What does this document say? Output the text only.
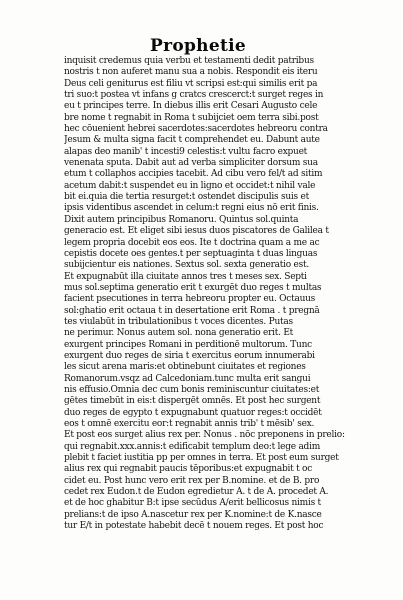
Prophetie
inquisit credemus quia verbu et testamenti dedit patribus
nostris t non auferet manu sua a nobis. Respondit eis iteru
Deus celi geniturus est filiu vt scripsi est:qui similis erit pa
tri suo:t postea vt infans g cratcs crescerct:t surget reges in
eu t principes terre. In diebus illis erit Cesari Augusto cele
bre nome t regnabit in Roma t subijciet oem terra sibi.post
hec cōuenient hebrei sacerdotes:sacerdotes hebreoru contra
Jesum & multa signa facit t comprehendet eu. Dabunt aute
alapas deo manib' t incesti9 celestis:t vultu facro expuet
venenata sputa. Dabit aut ad verba simpliciter dorsum sua
etum t collaphos accipies tacebit. Ad cibu vero fel/t ad sitim
acetum dabit:t suspendet eu in ligno et occidet:t nihil vale
bit ei.quia die tertia resurget:t ostendet discipulis suis et
ipsis videntibus ascendet in celum:t regni eius nō erit finis.
Dixit autem principibus Romanoru. Quintus sol.quinta
generacio est. Et eliget sibi iesus duos piscatores de Galilea t
legem propria docebit eos eos. Ite t doctrina quam a me ac
cepistis docete oes gentes.t per septuaginta t duas linguas
subijcientur eis nationes. Sextus sol. sexta generatio est.
Et expugnabūt illa ciuitate annos tres t meses sex. Septi
mus sol.septima generatio erit t exurgēt duo reges t multas
facient psecutiones in terra hebreoru propter eu. Octauus
sol:ghatio erit octaua t in desertatione erit Roma . t pregnā
tes viulabūt in tribulationibus t voces dicentes. Putas
ne perimur. Nonus autem sol. nona generatio erit. Et
exurgent principes Romani in perditionē multorum. Tunc
exurgent duo reges de siria t exercitus eorum innumerabi
les sicut arena maris:et obtinebunt ciuitates et regiones
Romanorum.vsqz ad Calcedoniam.tunc multa erit sangui
nis effusio.Omnia dec cum bonis reminiscuntur ciuitates:et
gētes timebūt in eis:t dispergēt omnēs. Et post hec surgent
duo reges de egypto t expugnabunt quatuor reges:t occidēt
eos t omnē exercitu eor:t regnabit annis trib' t mēsib' sex.
Et post eos surget alius rex per. Nonus . nōc preponens in prelio:
qui regnabit.xxx.annis:t edificabit templum deo:t lege adim
plebit t faciet iustitia pp per omnes in terra. Et post eum surget
alius rex qui regnabit paucis tēporibus:et expugnabit t oc
cidet eu. Post hunc vero erit rex per B.nomine. et de B. pro
cedet rex Eudon.t de Eudon egredietur A. t de A. procedet A.
et de hoc ghabitur B:t ipse secūdus A/erit bellicosus nimis t
prelians:t de ipso A.nascetur rex per K.nomine:t de K.nasce
tur E/t in potestate habebit decē t nouem reges. Et post hoc
